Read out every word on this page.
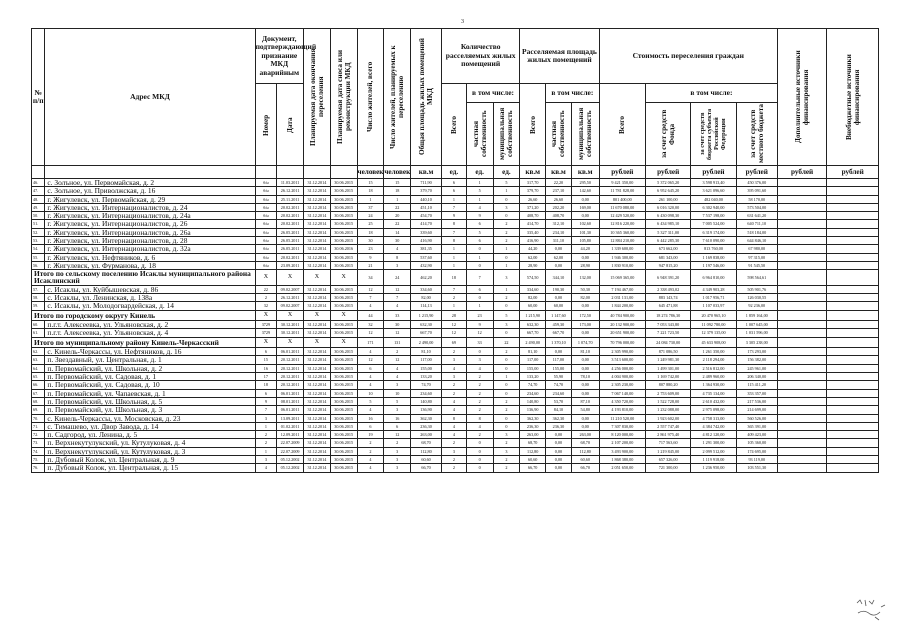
3
№ п/п	Адрес МКД	Документ, подтверждающий признание МКД аварийным		Планируемая дата окончания переселения	Планируемая дата сноса или реконструкции МКД	Число жителей, всего	Число жителей, планируемых к переселению	Общая площадь жилых помещений МКД	Количество расселяемых жилых помещений			Расселяемая площадь жилых помещений			Стоимость переселения граждан				Дополнительные источники финансирования	Внебюджетные источники финансирования

		Номер	Дата						Всего	в том числе:		Всего	в том числе:		Всего	в том числе:				

										частная собственность	муниципальная собственность		частная собственность	муниципальная собственность		за счет средств Фонда	за счет средств бюджета субъекта Российской Федерации	за счет средств местного бюджета		

						человек	человек	кв.м	ед.	ед.	ед.	кв.м	кв.м	кв.м	рублей	рублей	рублей	рублей	рублей	рублей
46.	с. Золъное, ул. Первомайская, д. 2	б/н	11.03.2011	31.12.2014	30.06.2015	15	15	711,90	6	1	5	317,70	22,20	295,50	9 421 350,00	5 372 065,20	3 598 913,40	450 376,00		
47.	с. Золъное, ул. Приволжская, д. 16	б/н	26.12.2011	31.12.2014	30.06.2015	18	18	379,70	6	5	1	379,70	237,10	142,60	11 781 828,00	6 952 645,20	3 621 096,60	395 091,60		
48.	г. Жигулевск, ул. Первомайская, д. 29	б/н	25.11.2011	31.12.2014	30.06.2015	1	1	440,10	1	1	0	26,60	26,60	0,00	801 400,00	261 100,00	482 040,00	58 170,00		
49.	г. Жигулевск, ул. Интернационалистов, д. 24	б/н	20.02.2011	31.12.2014	30.06.2015	37	22	451,10	7	4	3	371,20	202,20	169,00	11 670 080,00	6 016 320,00	6 302 940,00	573 504,00		
50.	г. Жигулевск, ул. Интернационалистов, д. 24а	б/н	20.02.2011	31.12.2014	30.06.2015	24	20	454,70	9	9	0	408,70	408,70	0,00	12 429 520,00	6 430 098,30	7 537 198,00	631 641,20		
51.	г. Жигулевск, ул. Интернационалистов, д. 26	б/н	20.02.2011	31.12.2014	30.06.2015	25	22	414,70	8	6	2	414,70	312,10	102,60	12 816 220,00	6 434 985,10	7 005 524,00	640 711,10		
52.	г. Жигулевск, ул. Интернационалистов, д. 26а	б/н	26.05.2011	31.12.2014	30.06.2015	18	14	339,60	7	5	2	335,40	234,10	101,30	10 365 360,00	5 327 311,00	6 319 174,00	518 184,00		
53.	г. Жигулевск, ул. Интернационалистов, д. 28	б/н	26.05.2011	31.12.2014	30.06.2015	30	30	416,90	8	6	2	416,90	311,10	105,80	12 884 210,00	6 442 285,30	7 610 090,00	644 846,10		
54.	г. Жигулевск, ул. Интернационалистов, д. 32а	б/н	26.05.2011	31.12.2014	30.06.2016	23	4	381,35	1	0	1	44,20	0,00	44,20	1 339 600,00	673 662,00	813 760,00	67 980,00		
55.	г. Жигулевск, ул. Нефтяников, д. 6	б/н	20.02.2011	31.12.2014	30.06.2015	9	8	537,60	1	1	0	62,00	62,00	0,00	1 946 300,00	681 343,00	1 169 838,00	97 315,00		
56.	г. Жигулевск, ул. Фурманова, д. 18	б/н	23.09.2011	31.12.2014	30.06.2015	21	3	432,90	1	0	1	28,90	0,00	28,90	1 830 910,00	947 815,20	1 197 546,00	91 545,50		
Итого по сельскому поселению Исаклы муниципального района Исаклинский		Х	Х	Х	Х	34	24	462,20	18	7	3	574,50	344,10	132,00	15 069 365,00	6 948 391,20	6 964 810,00	598 564,61		
57.	с. Исаклы, ул. Куйбышевская, д. 86	22	09.02.2007	31.12.2014	30.06.2015	12	12	334,60	7	6	1	334,60	190,30	50,30	7 194 467,00	2 338 493,02	4 349 903,28	505 901,76		
58.	с. Исаклы, ул. Ленинская, д. 138а	2	26.12.2011	31.12.2014	30.06.2015	7	7	82,00	2	0	2	82,00	0,00	82,00	2 031 131,00	883 143,74	1 017 956,71	126 030,55		
59.	с. Исаклы, ул. Молодогвардейская, д. 14	32	09.02.2007	31.12.2014	30.06.2015	4	4	114,13	1	1	0	60,00	60,00	0,00	1 844 200,00	645 471,88	1 107 033,97	92 236,00		
Итого по городскому округу Кинель		Х	Х	Х	Х	44	33	1 215,90	28	23	5	1 215,90	1 147,60	172,50	40 784 900,00	18 274 786,30	20 470 965,10	1 859 164,00		
60.	п.г.т. Алексеевка, ул. Ульяновская, д. 2	3729	30.12.2011	31.12.2014	30.06.2015	32	30	632,30	12	9	3	632,30	459,30	173,00	20 132 900,00	7 053 343,80	11 092 780,00	1 007 645,00		
61.	п.г.т. Алексеевка, ул. Ульяновская, д. 4	3729	30.12.2011	31.12.2014	30.06.2015	12	12	667,70	12	12	0	667,70	667,70	0,00	20 651 900,00	7 221 723,50	12 379 135,00	1 031 596,00		
Итого по муниципальному району Кинель-Черкасский		Х	Х	Х	Х	171	131	2 490,00	69	33	22	2 490,00	1 370,10	1 074,70	70 796 000,00	24 084 730,00	45 633 908,00	3 305 238,00		
62.	с. Кинель-Черкассы, ул. Нефтяников, д. 16	6	06.01.2011	31.12.2014	30.06.2015	4	2	81,10	2	0	2	81,10	0,00	81,10	2 305 990,00	871 086,50	1 261 350,00	173 293,00		
63.	п. Звездавный, ул. Центральная, д. 1	15	20.12.2011	31.12.2014	30.06.2015	12	12	117,00	3	3	0	117,00	117,00	0,00	3 513 600,00	1 249 981,30	2 118 294,00	156 382,00		
64.	п. Первомайский, ул. Школьная, д. 2	16	20.12.2011	31.12.2014	30.06.2015	6	4	155,00	4	4	0	155,00	155,00	0,00	4 256 000,00	1 499 301,00	2 516 812,00	245 961,00		
65.	п. Первомайский, ул. Садовая, д. 1	17	20.12.2011	31.12.2014	30.06.2015	4	4	133,20	3	2	1	133,20	55,90	78,10	4 004 900,00	1 169 742,00	2 489 960,00	206 340,00		
66.	п. Первомайский, ул. Садовая, д. 10	18	20.12.2011	31.12.2014	30.06.2015	4	3	74,70	2	2	0	74,70	74,70	0,00	2 305 230,00	807 880,20	1 364 930,00	115 411,20		
67.	п. Первомайский, ул. Чапаевская, д. 1	6	06.01.2011	31.12.2014	30.06.2015	10	10	234,60	2	2	0	234,60	234,60	0,00	7 067 140,00	2 753 609,00	4 735 134,00	353 357,00		
68.	п. Первомайский, ул. Школьная, д. 5	9	08.01.2011	31.12.2014	30.06.2015	5	5	140,80	4	2	2	140,80	53,70	87,10	4 350 720,00	1 522 728,00	2 610 432,00	217 536,00		
69.	п. Первомайский, ул. Школьная, д. 3	7	06.01.2011	31.12.2014	30.06.2015	4	3	136,90	4	2	2	136,90	84,10	54,80	4 193 810,00	1 232 088,00	2 975 098,00	214 699,00		
70.	с. Кинель-Черкассы, ул. Московская, д. 23	3	13.09.2011	31.12.2014	30.06.2015	16	16	362,30	8	8	0	362,30	362,30	0,00	11 210 520,00	1 923 602,00	4 758 313,00	560 526,00		
71.	с. Тимашево, ул. Двор Завода, д. 14	1	01.02.2011	31.12.2014	30.06.2015	6	6	236,30	4	4	0	236,30	236,30	0,00	7 307 830,00	2 557 747,40	4 384 742,00	365 391,00		
72.	п. Садгород, ул. Ленина, д. 5	2	12.09.2011	31.12.2014	30.06.2015	19	12	263,00	4	2	3	263,00	0,00	263,00	8 120 000,00	2 861 975,40	4 812 120,00	409 423,00		
73.	п. Верхнекутулукский, ул. Кутулуковая, д. 4	2	22.07.2009	31.12.2014	30.06.2015	2	2	68,70	2	0	2	68,70	0,00	68,70	2 107 200,00	717 563,60	1 291 300,00	105 360,00		
74.	п. Верхнекутулукский, ул. Кутулуковая, д. 3	1	22.07.2009	31.12.2014	30.06.2015	2	3	112,80	3	0	3	112,80	0,00	112,80	3 493 900,00	1 219 845,00	2 099 512,00	174 695,00		
75.	п. Дубовый Колок, ул. Центральная, д. 9	3	05.12.2002	31.12.2014	30.06.2015	4	3	60,60	2	0	2	60,60	0,00	60,60	1 868 380,00	657 326,00	1 119 918,00	93 119,00		
76.	п. Дубовый Колок, ул. Центральная, д. 15	4	05.12.2002	31.12.2014	30.06.2015	4	3	66,70	2	0	2	66,70	0,00	66,70	2 051 650,00	721 300,00	1 236 950,00	103 551,30		
